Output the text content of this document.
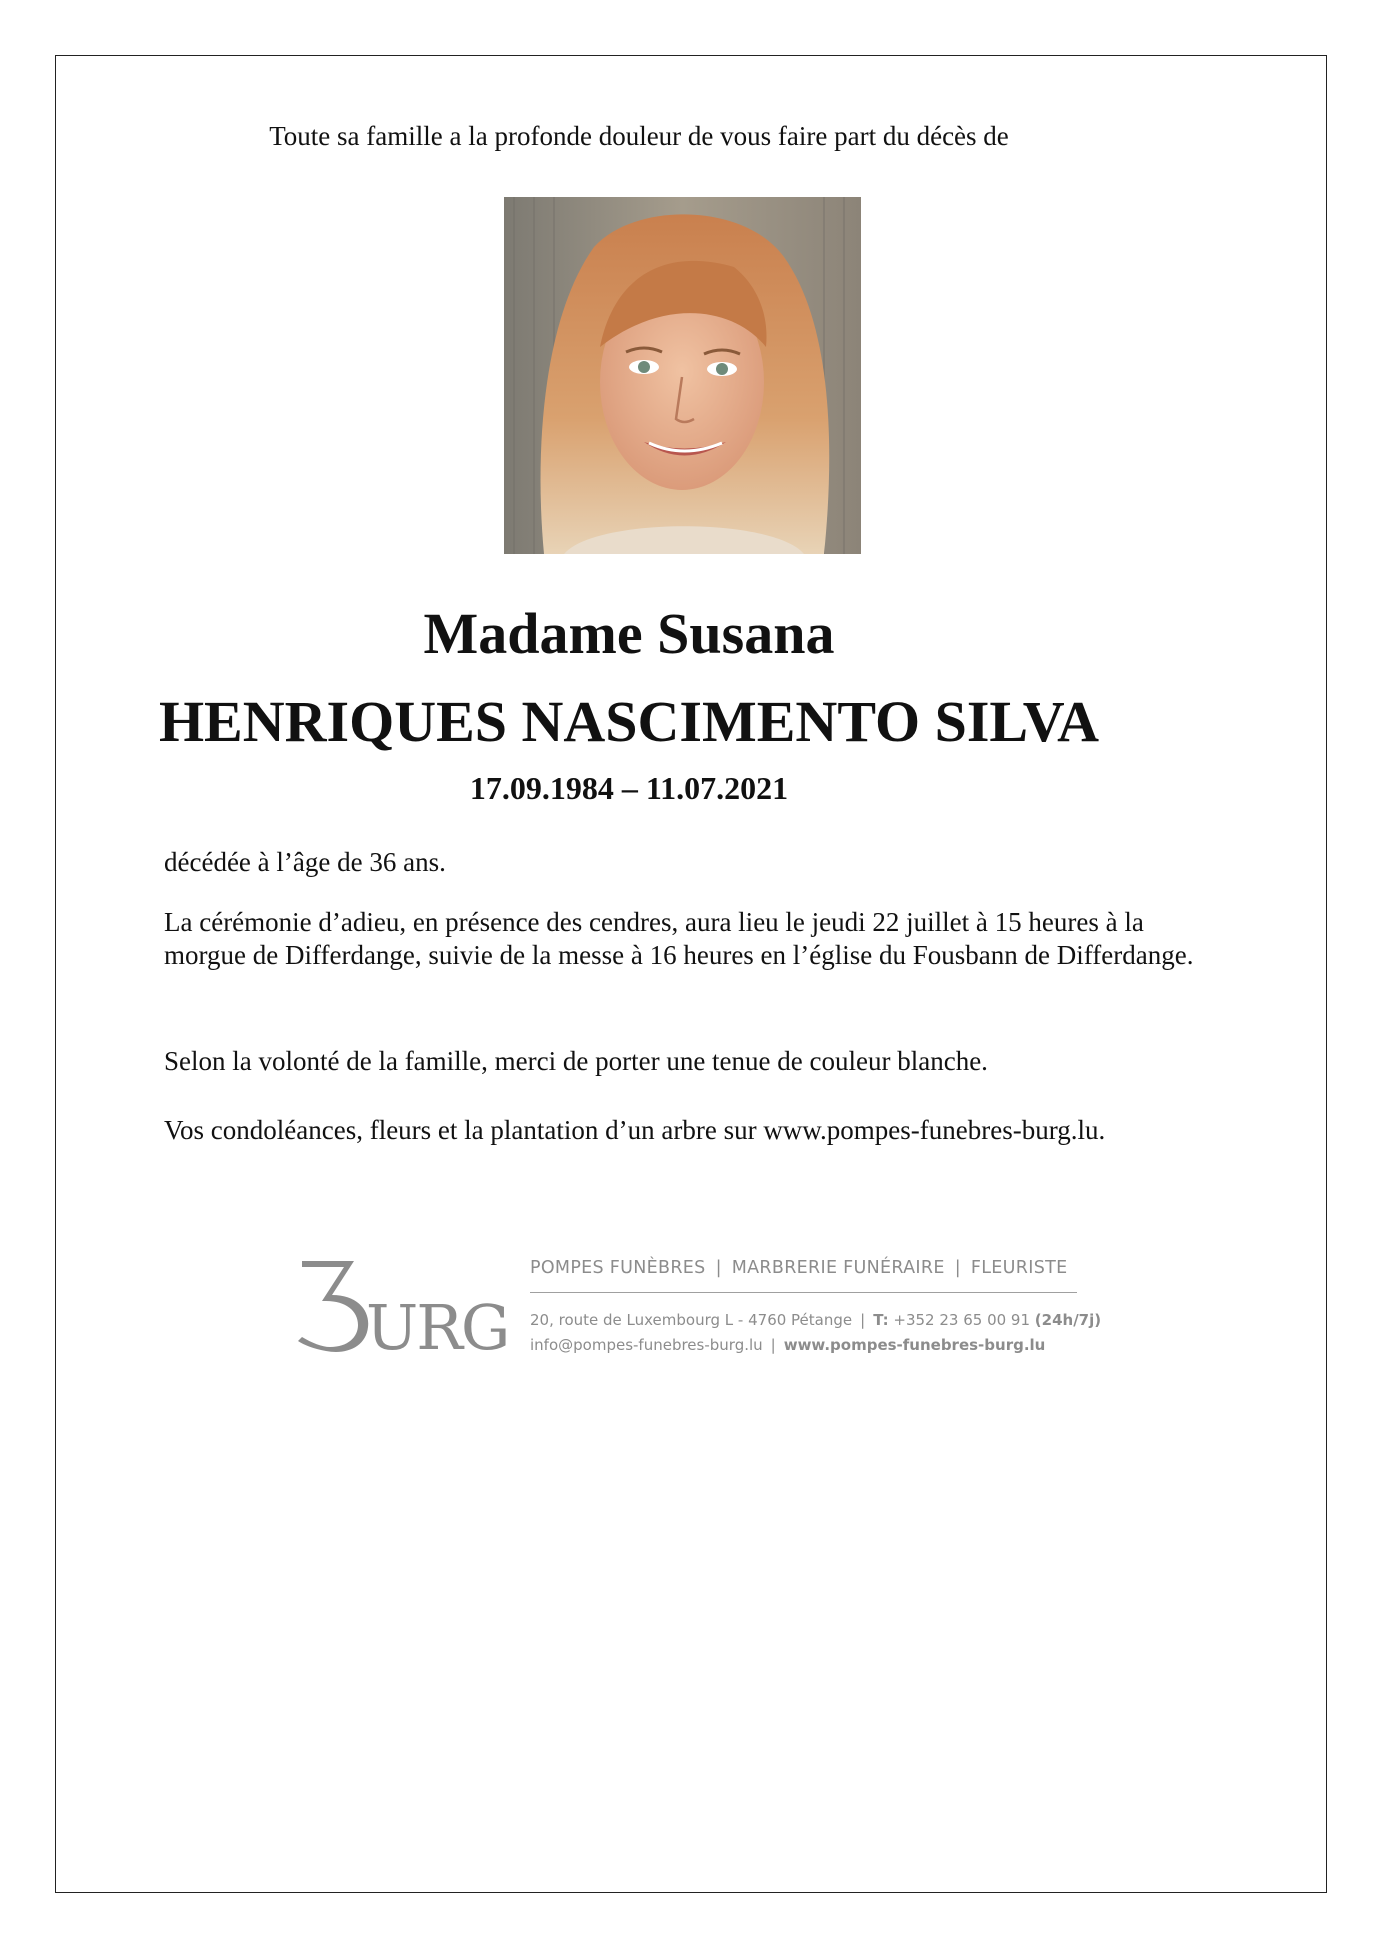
Toute sa famille a la profonde douleur de vous faire part du décès de
Madame Susana
HENRIQUES NASCIMENTO SILVA
17.09.1984 – 11.07.2021
décédée à l’âge de 36 ans.
La cérémonie d’adieu, en présence des cendres, aura lieu le jeudi 22 juillet à 15 heures à la morgue de Differdange, suivie de la messe à 16 heures en l’église du Fousbann de Differdange.
Selon la volonté de la famille, merci de porter une tenue de couleur blanche.
Vos condoléances, fleurs et la plantation d’un arbre sur www.pompes-funebres-burg.lu.
URG
POMPES FUNÈBRES | MARBRERIE FUNÉRAIRE | FLEURISTE
20, route de Luxembourg L - 4760 Pétange | T: +352 23 65 00 91 (24h/7j)
info@pompes-funebres-burg.lu | www.pompes-funebres-burg.lu
